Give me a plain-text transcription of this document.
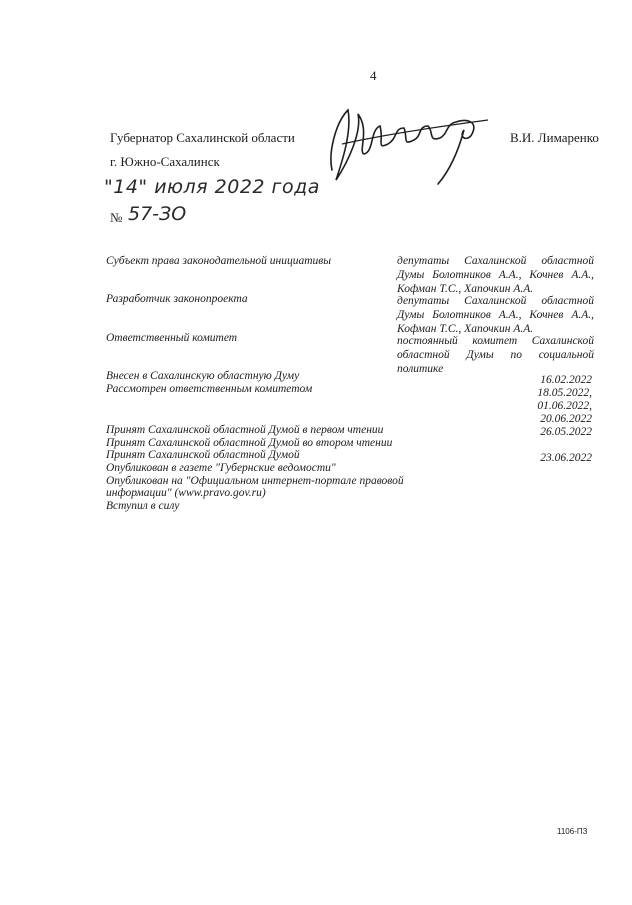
4
Губернатор Сахалинской области	В.И. Лимаренко
г. Южно-Сахалинск
"14" июля 2022 года
№ 57-ЗО
Субъект права законодательной инициативы
Разработчик законопроекта
Ответственный комитет
Внесен в Сахалинскую областную Думу
Рассмотрен ответственным комитетом
Принят Сахалинской областной Думой в первом чтении
Принят Сахалинской областной Думой во втором чтении
Принят Сахалинской областной Думой
Опубликован в газете "Губернские ведомости"
Опубликован на "Официальном интернет-портале правовой
информации" (www.pravo.gov.ru)
Вступил в силу
депутаты Сахалинской областной Думы Болотников А.А., Кочнев А.А., Кофман Т.С., Хапочкин А.А.
депутаты Сахалинской областной Думы Болотников А.А., Кочнев А.А., Кофман Т.С., Хапочкин А.А.
постоянный комитет Сахалинской областной Думы по социальной политике
16.02.2022
18.05.2022,
01.06.2022,
20.06.2022
26.05.2022
23.06.2022
1106-ПЗ
